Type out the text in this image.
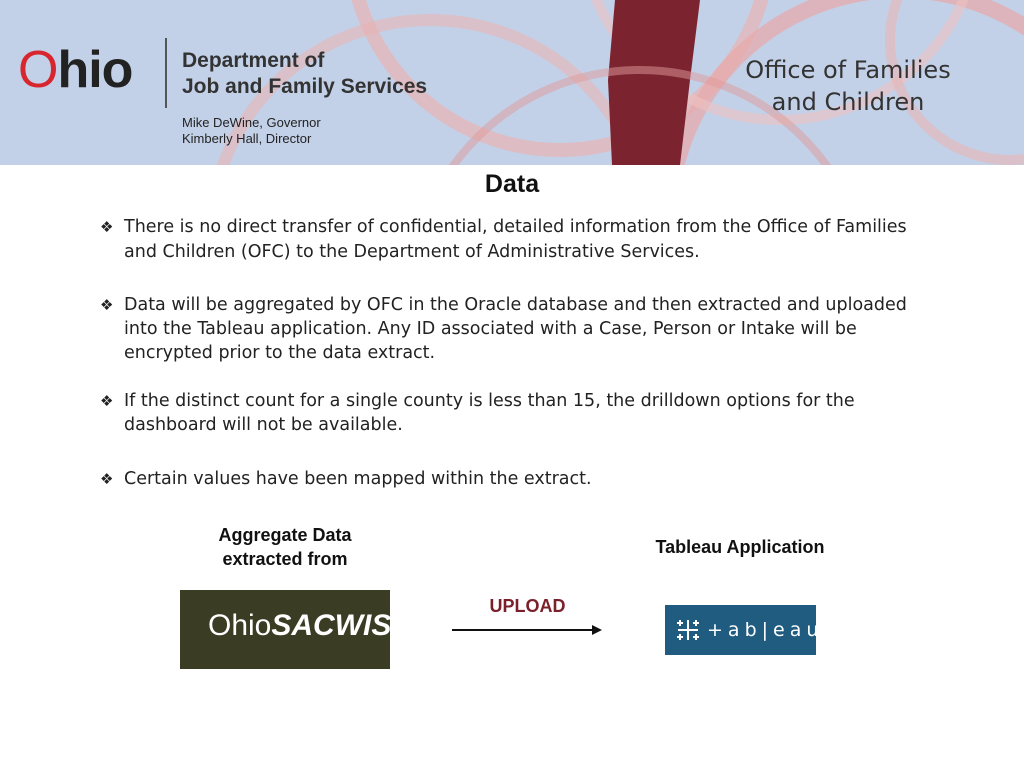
Ohio Department of
Job and Family Services
Mike DeWine, Governor
Kimberly Hall, Director
Office of Families
and Children
Data
❖ There is no direct transfer of confidential, detailed information from the Office of Families and Children (OFC) to the Department of Administrative Services.
❖ Data will be aggregated by OFC in the Oracle database and then extracted and uploaded into the Tableau application. Any ID associated with a Case, Person or Intake will be encrypted prior to the data extract.
❖ If the distinct count for a single county is less than 15, the drilldown options for the dashboard will not be available.
❖ Certain values have been mapped within the extract.
Aggregate Data extracted from
Tableau Application
UPLOAD
OhioSACWIS	+ab|eau
